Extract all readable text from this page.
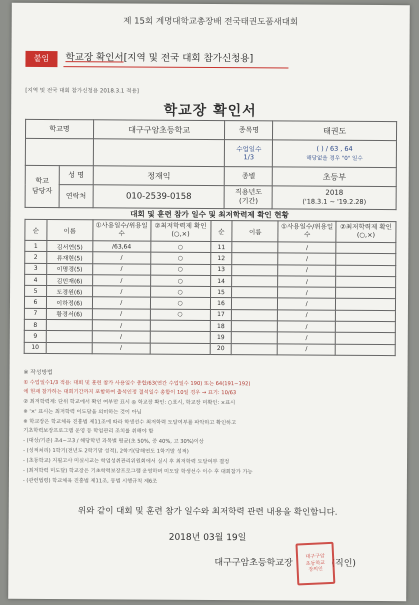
제 15회 계명대학교총장배 전국태권도품새대회
붙임	학교장 확인서[지역 및 전국 대회 참가신청용]
[지역 및 전국 대회 참가신청용 2018.3.1 적용]
학교장 확인서
학교명		대구구암초등학교	종목명	태권도
			수업일수
1/3	( ) / 63 , 64
해당없을 경우 "0" 일수
학교
담당자	성 명	정재익	종별	초등부
	연락처	010-2539-0158	직용년도
(기간)	2018
('18.3.1 ~ '19.2.28)
대회 및 훈련 참가 일수 및 최저학력제 확인 현황
순	이름	①사용일수/위용일수	②최저학력제 확인(○,×)	순	이름	①사용일수/위용일수	②최저학력제 확인(○,×)
1	김서연(5)	/63,64	○	11		/	
2	류재현(5)	/	○	12		/	
3	이명경(5)	/	○	13		/	
4	김민재(6)	/	○	14		/	
5	도경원(6)	/	○	15		/	
6	이하정(6)	/	○	16		/	
7	황경서(6)	/	○	17		/	
8		/		18		/	
9		/		19		/	
10		/		20		/	
※ 작성방법
① 수업일수1/3 적용: 대회 및 훈련 참가 사용일수 총합/63(연간 수업일수 190) 또는 64(191~192)
에 현재 참가하는 대회기간까지 포함하여 출석인정 결석일수 총합이 10일 경우 → 표기: 10/63
② 최저학력제: 단위 학교에서 확인 여부만 표시 ◎ 학교장 확인: ○표시, 학교장 미확인: ×표시
※ '×' 표시는 최저학력 이도달을 의미하는 것이 아님
※ 학교장은 학교체육 진흥법 제11조에 따라 학생선수 최저학력 도달여부를 파악하고 확인하고
기초학력보장프로그램 운영 등 학업관리 조치를 취해야 함
- (대상/기준) 초4~고3 / 해당학년 과목별 평균(초 50%, 중 40%, 고 30%)이상
- (성적처리) 1학기(전년도 2학기말 성적), 2학기(당해연도 1학기말 성적)
- (초등학교) 지필고사 미실시교는 학업성취관리위원회에서 실시 후 최저학력 도달여부 결정
- (최저학력 미도달) 학교장은 기초학력보장프로그램 운영하며 미도달 학생선수 이수 후 대회참가 가능
- (관련법령) 학교체육 진흥법 제11조, 동법 시행규칙 제6조
위와 같이 대회 및 훈련 참가 일수와 최저학력 관련 내용을 확인합니다.
2018년 03월 19일
대구구암초등학교장	(직인)
대구구암
초등학교
장의인
